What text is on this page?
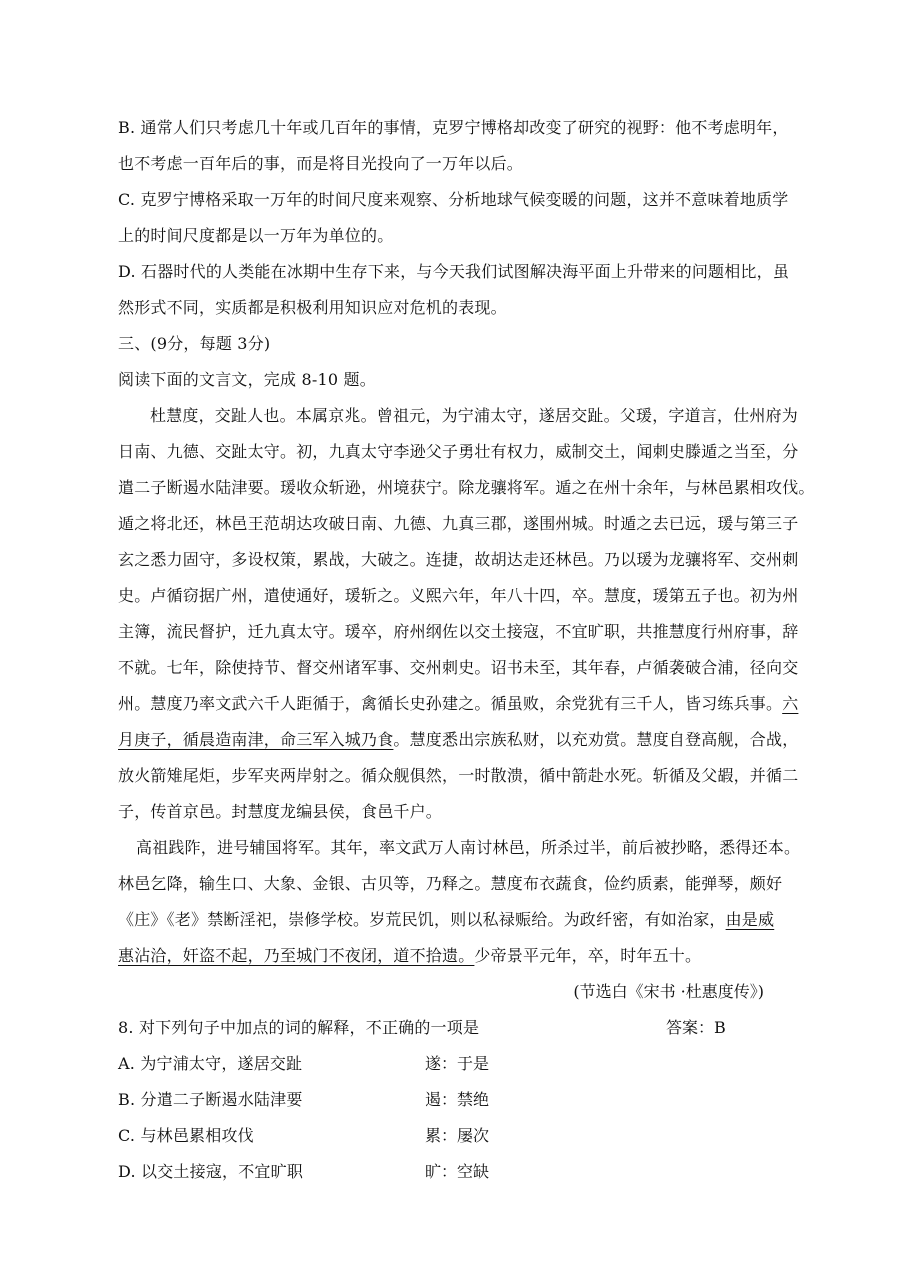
B. 通常人们只考虑几十年或几百年的事情，克罗宁博格却改变了研究的视野：他不考虑明年，
也不考虑一百年后的事，而是将目光投向了一万年以后。
C. 克罗宁博格采取一万年的时间尺度来观察、分析地球气候变暖的问题，这并不意味着地质学
上的时间尺度都是以一万年为单位的。
D. 石器时代的人类能在冰期中生存下来，与今天我们试图解决海平面上升带来的问题相比，虽
然形式不同，实质都是积极利用知识应对危机的表现。
三、(9分，每题 3分)
阅读下面的文言文，完成 8-10 题。
杜慧度，交趾人也。本属京兆。曾祖元，为宁浦太守，遂居交趾。父瑗，字道言，仕州府为
日南、九德、交趾太守。初，九真太守李逊父子勇壮有权力，威制交土，闻刺史滕遁之当至，分
遣二子断遏水陆津要。瑗收众斩逊，州境获宁。除龙骧将军。遁之在州十余年，与林邑累相攻伐。
遁之将北还，林邑王范胡达攻破日南、九德、九真三郡，遂围州城。时遁之去已远，瑗与第三子
玄之悉力固守，多设权策，累战，大破之。连捷，故胡达走还林邑。乃以瑗为龙骧将军、交州刺
史。卢循窃据广州，遣使通好，瑗斩之。义熙六年，年八十四，卒。慧度，瑗第五子也。初为州
主簿，流民督护，迁九真太守。瑗卒，府州纲佐以交土接寇，不宜旷职，共推慧度行州府事，辞
不就。七年，除使持节、督交州诸军事、交州刺史。诏书未至，其年春，卢循袭破合浦，径向交
州。慧度乃率文武六千人距循于，禽循长史孙建之。循虽败，余党犹有三千人，皆习练兵事。六
月庚子，循晨造南津，命三军入城乃食。慧度悉出宗族私财，以充劝赏。慧度自登高舰，合战，
放火箭雉尾炬，步军夹两岸射之。循众舰俱然，一时散溃，循中箭赴水死。斩循及父嘏，并循二
子，传首京邑。封慧度龙编县侯，食邑千户。
高祖践阼，进号辅国将军。其年，率文武万人南讨林邑，所杀过半，前后被抄略，悉得还本。
林邑乞降，输生口、大象、金银、古贝等，乃释之。慧度布衣蔬食，俭约质素，能弹琴，颇好
《庄》《老》禁断淫祀，崇修学校。岁荒民饥，则以私禄赈给。为政纤密，有如治家，由是威
惠沾洽，奸盗不起，乃至城门不夜闭，道不拾遗。少帝景平元年，卒，时年五十。
(节选白《宋书 ·杜惠度传》)
8. 对下列句子中加点的词的解释，不正确的一项是	答案：B
A. 为宁浦太守，遂居交趾	遂：于是
B. 分遣二子断遏水陆津要	遏：禁绝
C. 与林邑累相攻伐	累：屡次
D. 以交土接寇，不宜旷职	旷：空缺
